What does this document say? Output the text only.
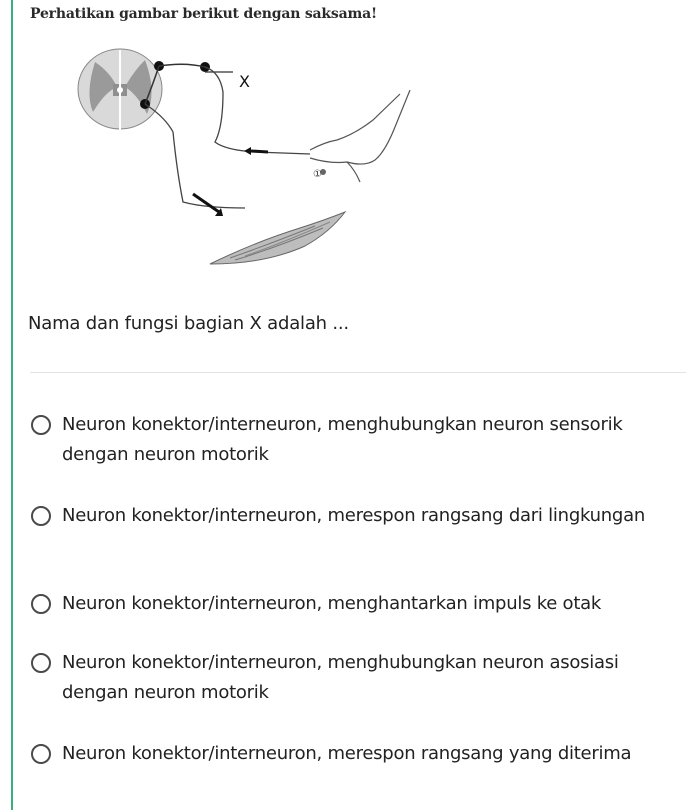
Perhatikan gambar berikut dengan saksama!

X
①

Nama dan fungsi bagian X adalah ...

Neuron konektor/interneuron, menghubungkan neuron sensorik dengan neuron motorik
Neuron konektor/interneuron, merespon rangsang dari lingkungan
Neuron konektor/interneuron, menghantarkan impuls ke otak
Neuron konektor/interneuron, menghubungkan neuron asosiasi dengan neuron motorik
Neuron konektor/interneuron, merespon rangsang yang diterima
